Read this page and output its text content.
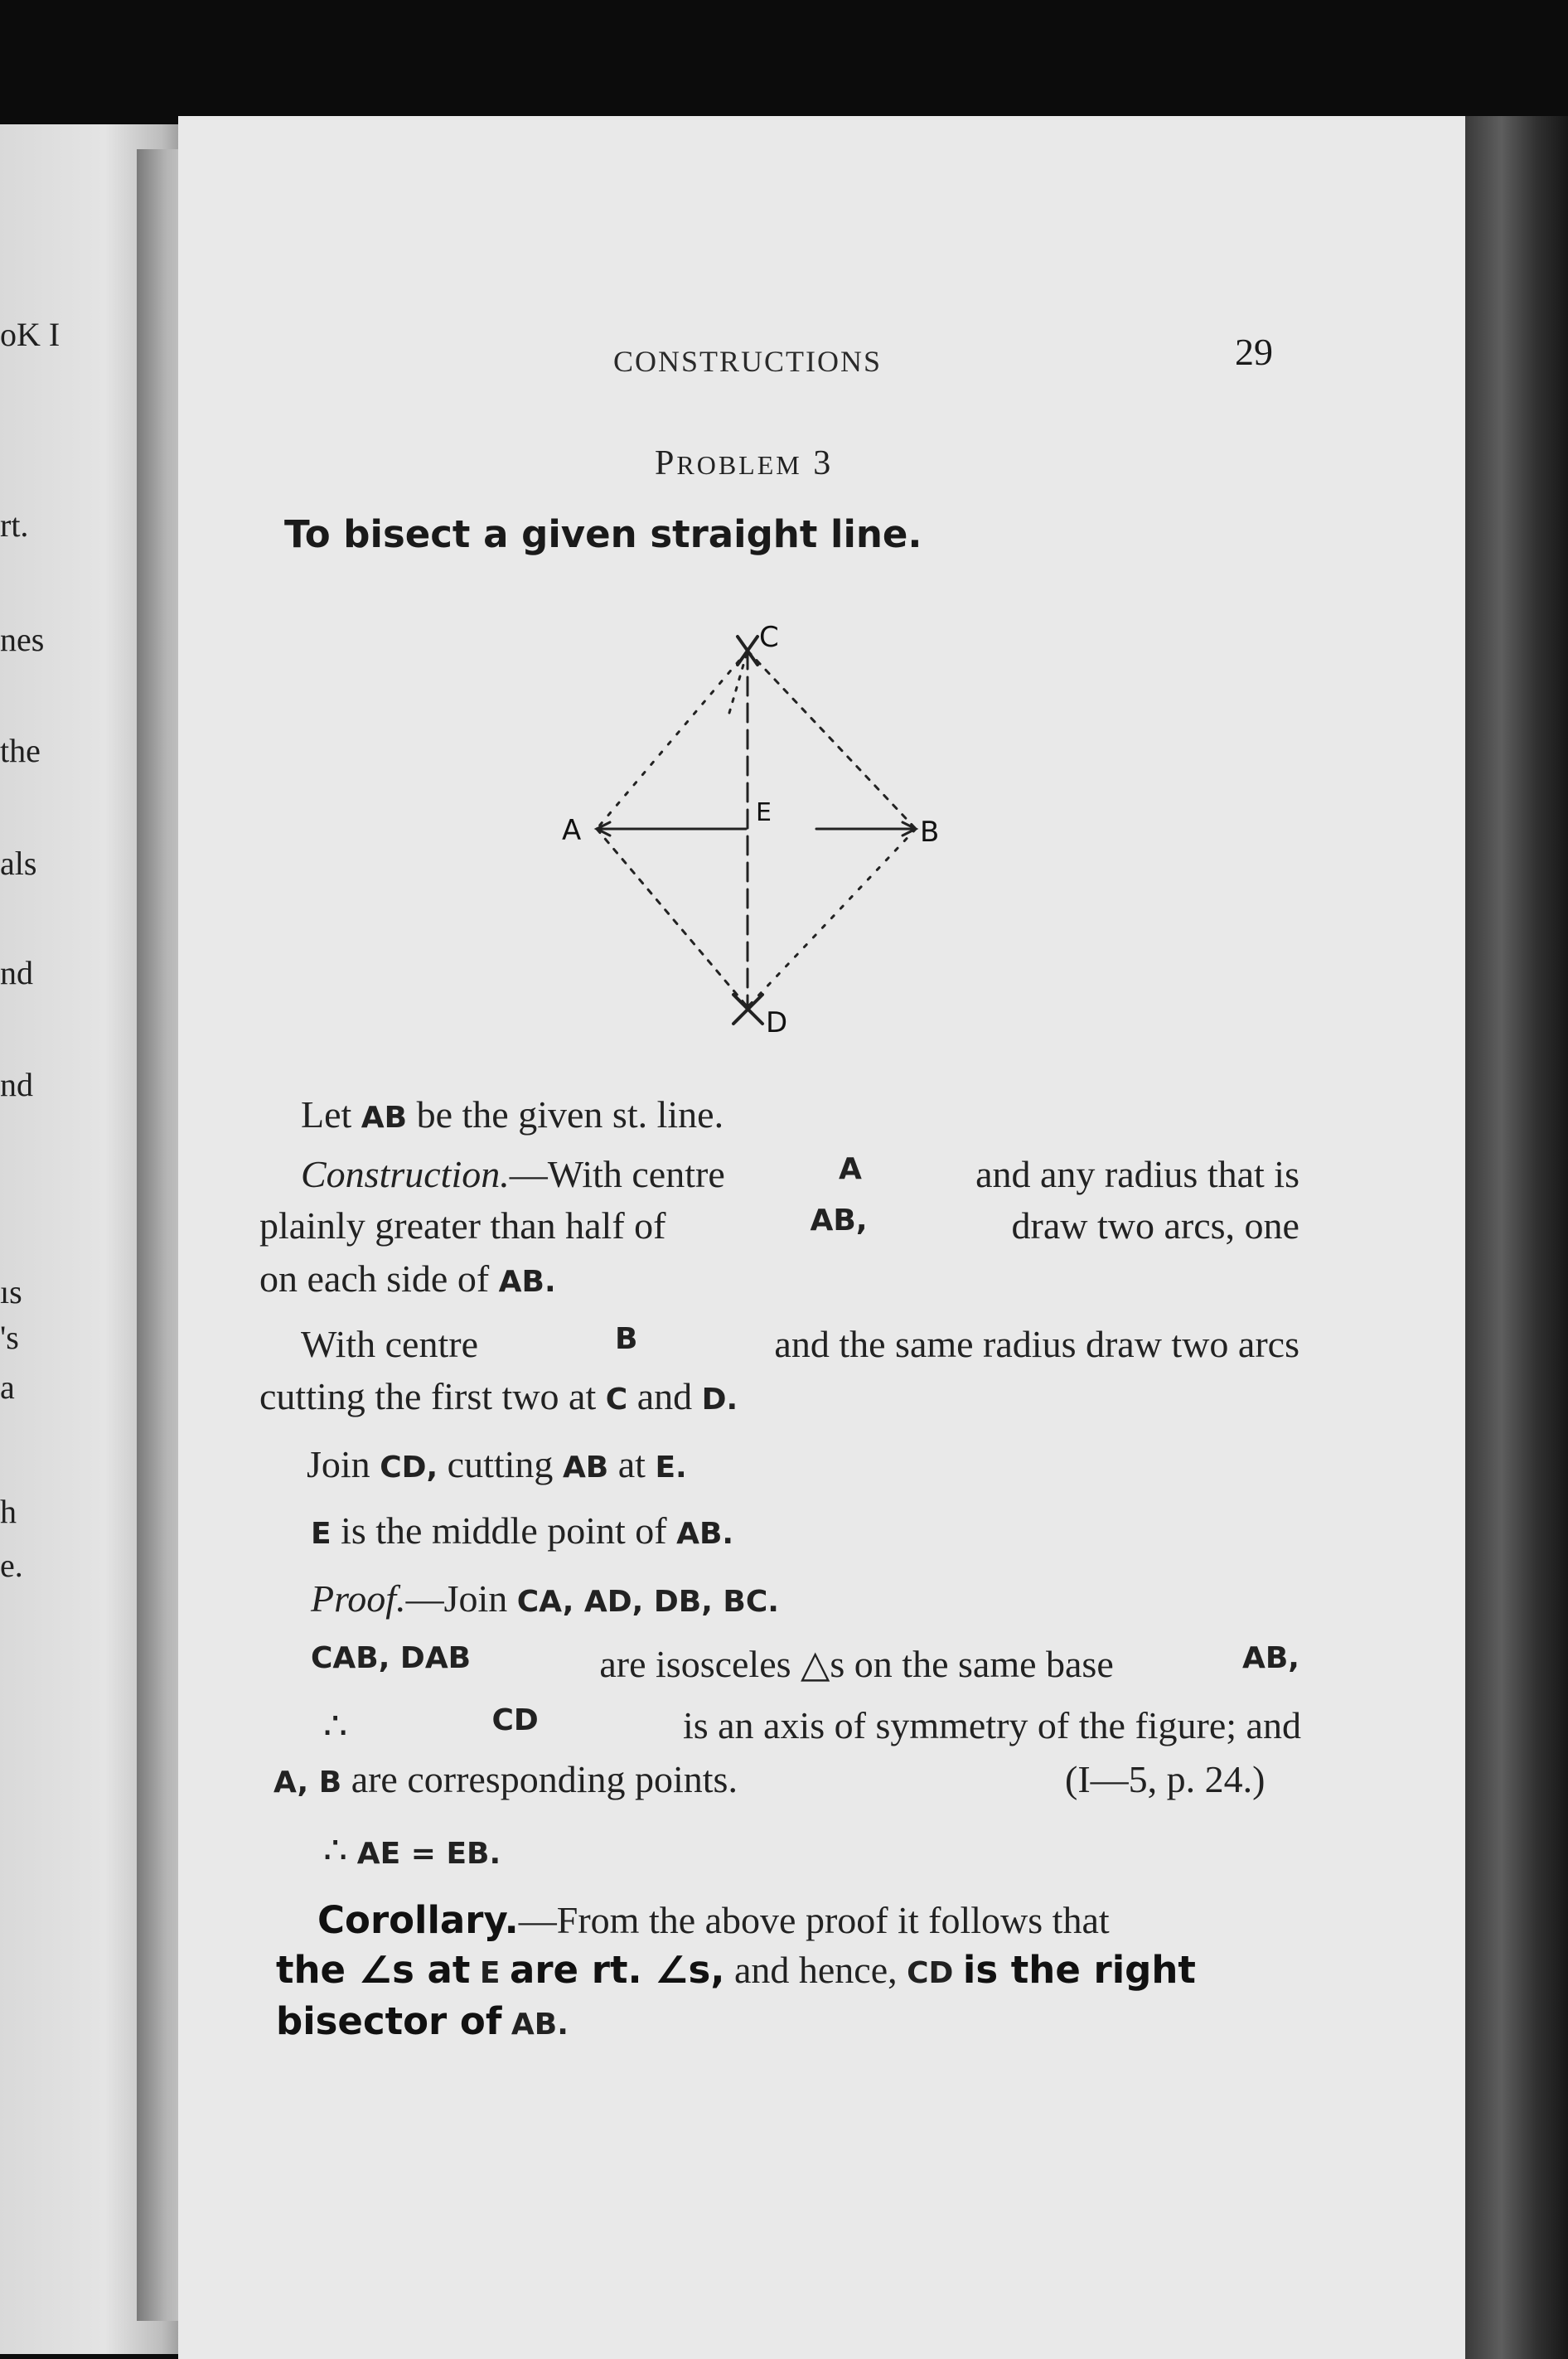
oK I
rt.
nes
the
als
nd
nd
ıs
's
a
h
e.
CONSTRUCTIONS	29
PROBLEM 3
To bisect a given straight line.
Let AB be the given st. line.
Construction.—With centre	A	and any radius that is
plainly greater than half of	AB,	draw two arcs, one
on each side of AB.
With centre	B	and the same radius draw two arcs
cutting the first two at C and D.
Join CD, cutting AB at E.
E is the middle point of AB.
Proof.—Join CA, AD, DB, BC.
CAB, DAB	are isosceles △s on the same base	AB,
∴	CD	is an axis of symmetry of the figure; and
A, B are corresponding points.	(I—5, p. 24.)
∴ AE = EB.
Corollary.—From the above proof it follows that
the ∠s at E are rt. ∠s, and hence, CD is the right
bisector of AB.
A	B
C
D
E
